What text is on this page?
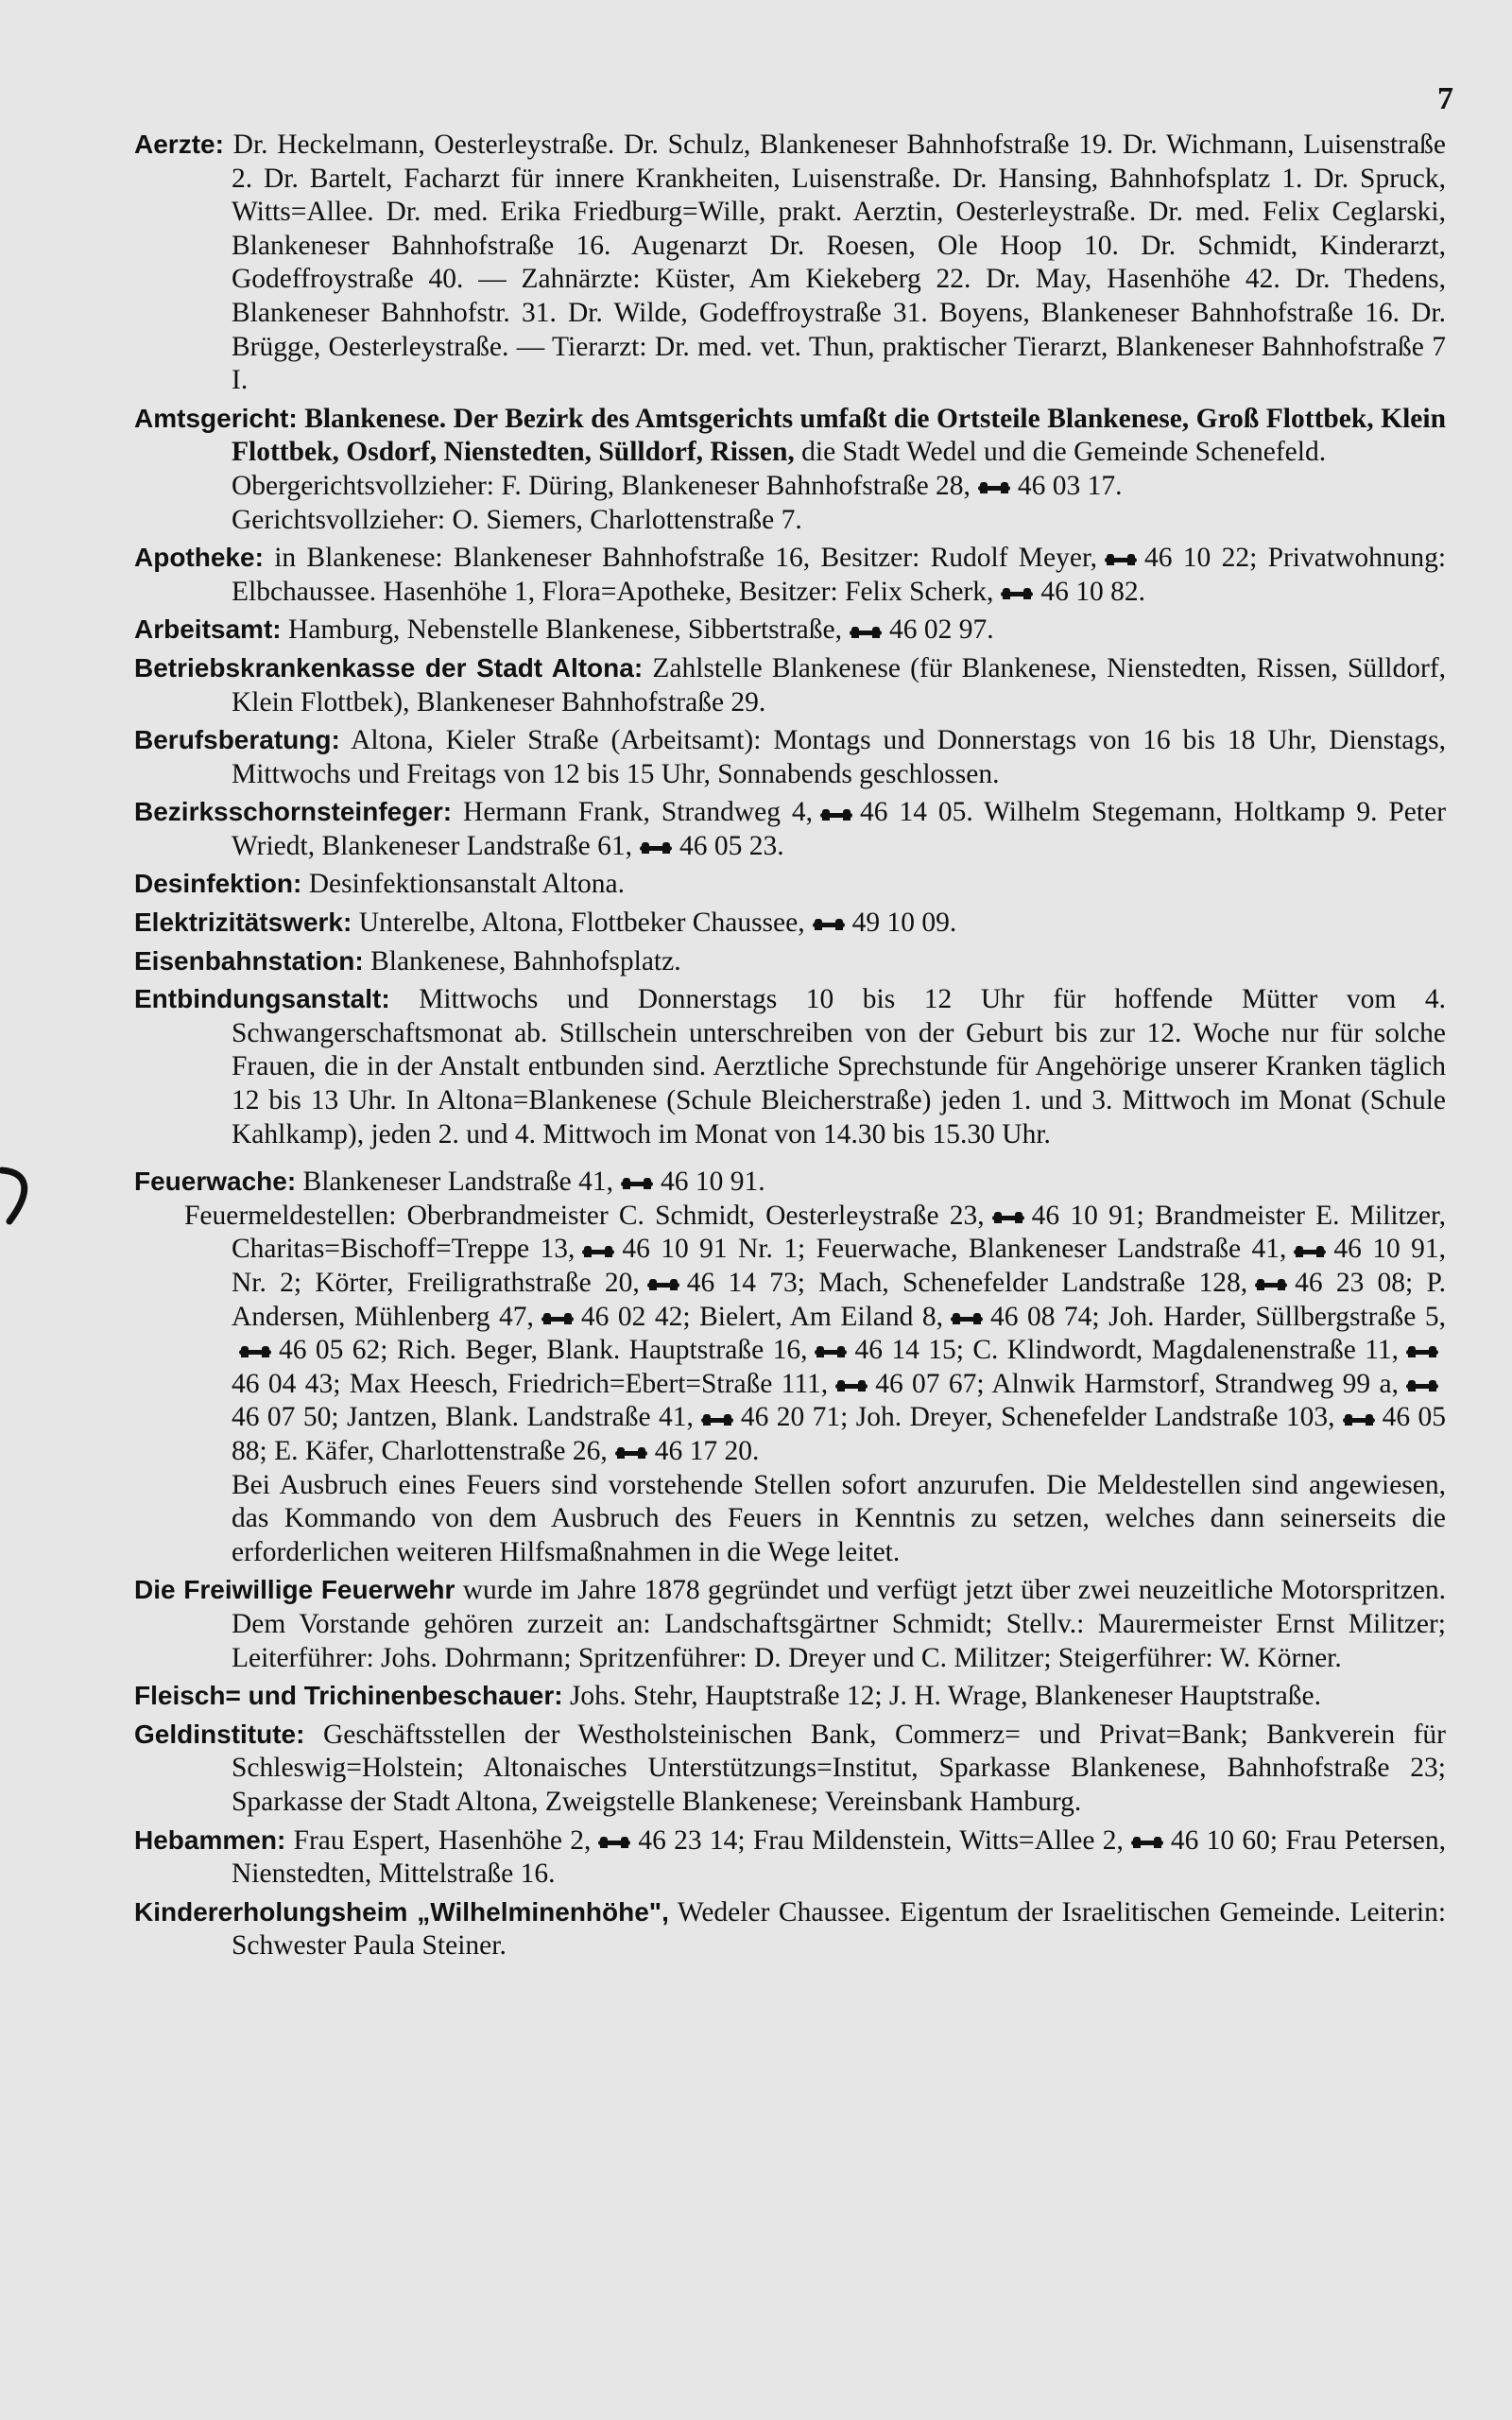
7

Aerzte: Dr. Heckelmann, Oesterleystraße. Dr. Schulz, Blankeneser Bahnhofstraße 19. Dr. Wichmann, Luisenstraße 2. Dr. Bartelt, Facharzt für innere Krankheiten, Luisenstraße. Dr. Hansing, Bahnhofsplatz 1. Dr. Spruck, Witts=Allee. Dr. med. Erika Friedburg=Wille, prakt. Aerztin, Oesterleystraße. Dr. med. Felix Ceglarski, Blankeneser Bahnhofstraße 16. Augenarzt Dr. Roesen, Ole Hoop 10. Dr. Schmidt, Kinderarzt, Godeffroystraße 40. — Zahnärzte: Küster, Am Kiekeberg 22. Dr. May, Hasenhöhe 42. Dr. Thedens, Blankeneser Bahnhofstr. 31. Dr. Wilde, Godeffroystraße 31. Boyens, Blankeneser Bahnhofstraße 16. Dr. Brügge, Oesterleystraße. — Tierarzt: Dr. med. vet. Thun, praktischer Tierarzt, Blankeneser Bahnhofstraße 7 I.

Amtsgericht: Blankenese. Der Bezirk des Amtsgerichts umfaßt die Ortsteile Blankenese, Groß Flottbek, Klein Flottbek, Osdorf, Nienstedten, Sülldorf, Rissen, die Stadt Wedel und die Gemeinde Schenefeld.
Obergerichtsvollzieher: F. Düring, Blankeneser Bahnhofstraße 28, 46 03 17.
Gerichtsvollzieher: O. Siemers, Charlottenstraße 7.

Apotheke: in Blankenese: Blankeneser Bahnhofstraße 16, Besitzer: Rudolf Meyer, 46 10 22; Privatwohnung: Elbchaussee. Hasenhöhe 1, Flora=Apotheke, Besitzer: Felix Scherk, 46 10 82.

Arbeitsamt: Hamburg, Nebenstelle Blankenese, Sibbertstraße, 46 02 97.

Betriebskrankenkasse der Stadt Altona: Zahlstelle Blankenese (für Blankenese, Nienstedten, Rissen, Sülldorf, Klein Flottbek), Blankeneser Bahnhofstraße 29.

Berufsberatung: Altona, Kieler Straße (Arbeitsamt): Montags und Donnerstags von 16 bis 18 Uhr, Dienstags, Mittwochs und Freitags von 12 bis 15 Uhr, Sonnabends geschlossen.

Bezirksschornsteinfeger: Hermann Frank, Strandweg 4, 46 14 05. Wilhelm Stegemann, Holtkamp 9. Peter Wriedt, Blankeneser Landstraße 61, 46 05 23.

Desinfektion: Desinfektionsanstalt Altona.

Elektrizitätswerk: Unterelbe, Altona, Flottbeker Chaussee, 49 10 09.

Eisenbahnstation: Blankenese, Bahnhofsplatz.

Entbindungsanstalt: Mittwochs und Donnerstags 10 bis 12 Uhr für hoffende Mütter vom 4. Schwangerschaftsmonat ab. Stillschein unterschreiben von der Geburt bis zur 12. Woche nur für solche Frauen, die in der Anstalt entbunden sind. Aerztliche Sprechstunde für Angehörige unserer Kranken täglich 12 bis 13 Uhr. In Altona=Blankenese (Schule Bleicherstraße) jeden 1. und 3. Mittwoch im Monat (Schule Kahlkamp), jeden 2. und 4. Mittwoch im Monat von 14.30 bis 15.30 Uhr.

Feuerwache: Blankeneser Landstraße 41, 46 10 91.
Feuermeldestellen: Oberbrandmeister C. Schmidt, Oesterleystraße 23, 46 10 91; Brandmeister E. Militzer, Charitas=Bischoff=Treppe 13, 46 10 91 Nr. 1; Feuerwache, Blankeneser Landstraße 41, 46 10 91, Nr. 2; Körter, Freiligrathstraße 20, 46 14 73; Mach, Schenefelder Landstraße 128, 46 23 08; P. Andersen, Mühlenberg 47, 46 02 42; Bielert, Am Eiland 8, 46 08 74; Joh. Harder, Süllbergstraße 5,46 05 62; Rich. Beger, Blank. Hauptstraße 16, 46 14 15; C. Klindwordt, Magdalenenstraße 11,46 04 43; Max Heesch, Friedrich=Ebert=Straße 111, 46 07 67; Alnwik Harmstorf, Strandweg 99 a,46 07 50; Jantzen, Blank. Landstraße 41, 46 20 71; Joh. Dreyer, Schenefelder Landstraße 103, 46 05 88; E. Käfer, Charlottenstraße 26, 46 17 20.
Bei Ausbruch eines Feuers sind vorstehende Stellen sofort anzurufen. Die Meldestellen sind angewiesen, das Kommando von dem Ausbruch des Feuers in Kenntnis zu setzen, welches dann seinerseits die erforderlichen weiteren Hilfsmaßnahmen in die Wege leitet.

Die Freiwillige Feuerwehr wurde im Jahre 1878 gegründet und verfügt jetzt über zwei neuzeitliche Motorspritzen. Dem Vorstande gehören zurzeit an: Landschaftsgärtner Schmidt; Stellv.: Maurermeister Ernst Militzer; Leiterführer: Johs. Dohrmann; Spritzenführer: D. Dreyer und C. Militzer; Steigerführer: W. Körner.

Fleisch= und Trichinenbeschauer: Johs. Stehr, Hauptstraße 12; J. H. Wrage, Blankeneser Hauptstraße.

Geldinstitute: Geschäftsstellen der Westholsteinischen Bank, Commerz= und Privat=Bank; Bankverein für Schleswig=Holstein; Altonaisches Unterstützungs=Institut, Sparkasse Blankenese, Bahnhofstraße 23; Sparkasse der Stadt Altona, Zweigstelle Blankenese; Vereinsbank Hamburg.

Hebammen: Frau Espert, Hasenhöhe 2, 46 23 14; Frau Mildenstein, Witts=Allee 2, 46 10 60; Frau Petersen, Nienstedten, Mittelstraße 16.

Kindererholungsheim „Wilhelminenhöhe", Wedeler Chaussee. Eigentum der Israelitischen Gemeinde. Leiterin: Schwester Paula Steiner.
